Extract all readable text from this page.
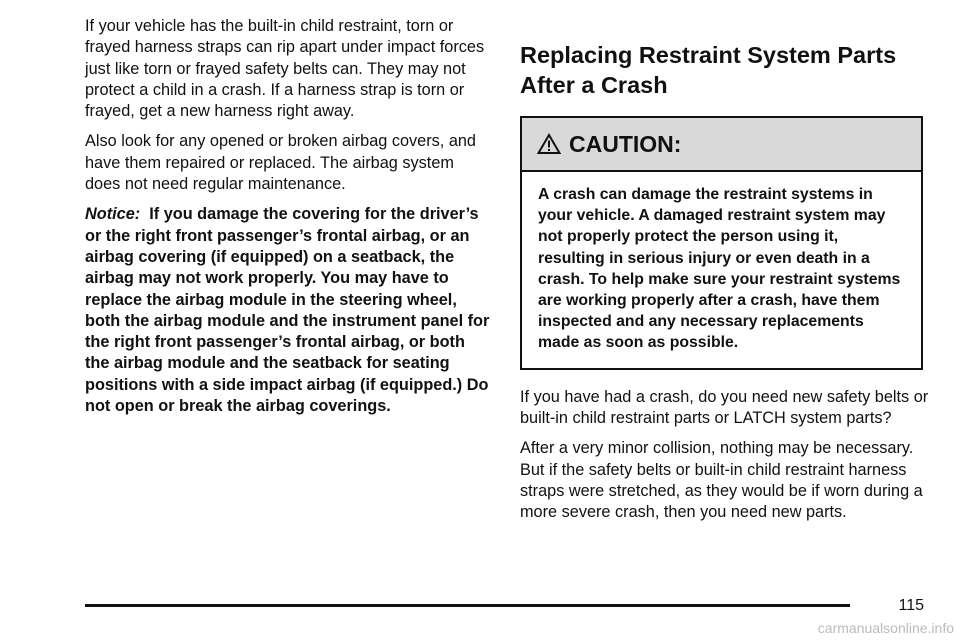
If your vehicle has the built-in child restraint, torn or frayed harness straps can rip apart under impact forces just like torn or frayed safety belts can. They may not protect a child in a crash. If a harness strap is torn or frayed, get a new harness right away.

Also look for any opened or broken airbag covers, and have them repaired or replaced. The airbag system does not need regular maintenance.

Notice: If you damage the covering for the driver’s or the right front passenger’s frontal airbag, or an airbag covering (if equipped) on a seatback, the airbag may not work properly. You may have to replace the airbag module in the steering wheel, both the airbag module and the instrument panel for the right front passenger’s frontal airbag, or both the airbag module and the seatback for seating positions with a side impact airbag (if equipped.) Do not open or break the airbag coverings.

Replacing Restraint System Parts After a Crash
CAUTION:
A crash can damage the restraint systems in your vehicle. A damaged restraint system may not properly protect the person using it, resulting in serious injury or even death in a crash. To help make sure your restraint systems are working properly after a crash, have them inspected and any necessary replacements made as soon as possible.

If you have had a crash, do you need new safety belts or built-in child restraint parts or LATCH system parts?

After a very minor collision, nothing may be necessary. But if the safety belts or built-in child restraint harness straps were stretched, as they would be if worn during a more severe crash, then you need new parts.

115
carmanualsonline.info
